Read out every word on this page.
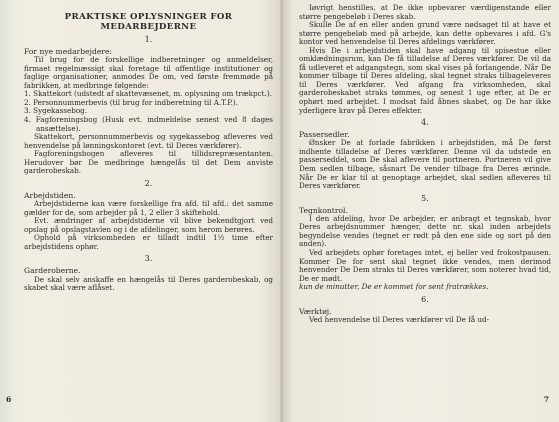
PRAKTISKE OPLYSNINGER FOR
MEDARBEJDERNE
1.
For nye medarbejdere:

Til brug for de forskellige indberetninger og anmeldelser, firmaet regelmæssigt skal foretage til offentlige institutioner og faglige organisationer, anmodes De om, ved første fremmøde på fabrikken, at medbringe følgende:

1. Skattekort (udstedt af skattevæsenet, m. oplysning om trækpct.).

2. Personnummerbevis (til brug for indberetning til A.T.P.).

3. Sygekassebog.

4. Fagforeningsbog (Husk evt. indmeldelse senest ved 8 dages ansættelse).

Skattekort, personnummerbevis og sygekassebog afleveres ved henvendelse på lønningskontoret (evt. til Deres værkfører).

Fagforeningsbogen afleveres til tillidsrepræsentanten. Herudover bør De medbringe hængelås til det Dem anviste garderobeskab.

2.
Arbejdstiden.

Arbejdstiderne kan være forskellige fra afd. til afd.: det samme gælder for de, som arbejder på 1, 2 eller 3 skiftehold.

Evt. ændringer af arbejdstiderne vil blive bekendtgjort ved opslag på opslagstavlen og i de afdelinger, som herom berøres.

Ophold på virksomheden er tilladt indtil 1½ time efter arbejdstidens ophør.

3.
Garderoberne.

De skal selv anskaffe en hængelås til Deres garderobeskab, og skabet skal være aflåset.

6

Iøvrigt henstilles, at De ikke opbevarer værdigenstande eller større pengebeløb i Deres skab.

Skulle De af en eller anden grund være nødsaget til at have et større pengebeløb med på arbejde, kan dette opbevares i afd. G's kontor ved henvendelse til Deres afdelings værkfører.

Hvis De i arbejdstiden skal have adgang til spisestue eller omklædningsrum, kan De få tilladelse af Deres værkfører. De vil da få udleveret et adgangstegn, som skal vises på forlangende. Når De kommer tilbage til Deres afdeling, skal tegnet straks tilbageleveres til Deres værkfører. Ved afgang fra virksomheden, skal garderobeskabet straks tømmes, og senest 1 uge efter, at De er ophørt med arbejdet. I modsat fald åbnes skabet, og De har ikke yderligere krav på Deres effekter.

4.
Passersedler.

Ønsker De at forlade fabrikken i arbejdstiden, må De først indhente tilladelse af Deres værkfører. Denne vil da udstede en passerseddel, som De skal aflevere til portneren. Portneren vil give Dem sedlen tilbage, såsnart De vender tilbage fra Deres ærinde. Når De er klar til at genoptage arbejdet, skal sedlen afleveres til Deres værkfører.

5.
Tegnkontrol.

I den afdeling, hvor De arbejder, er anbragt et tegnskab, hvor Deres arbejdsnummer hænger, dette nr. skal inden arbejdets begyndelse vendes (tegnet er rødt på den ene side og sort på den anden).

Ved arbejdets ophør foretages intet, ej heller ved frokostpausen. Kommer De for sent skal tegnet ikke vendes, men derimod henvender De Dem straks til Deres værkfører, som noterer hvad tid, De er mødt.

kun de minutter, De er kommet for sent fratrækkes.

6.
Værktøj.

Ved henvendelse til Deres værkfører vil De få ud-

7
